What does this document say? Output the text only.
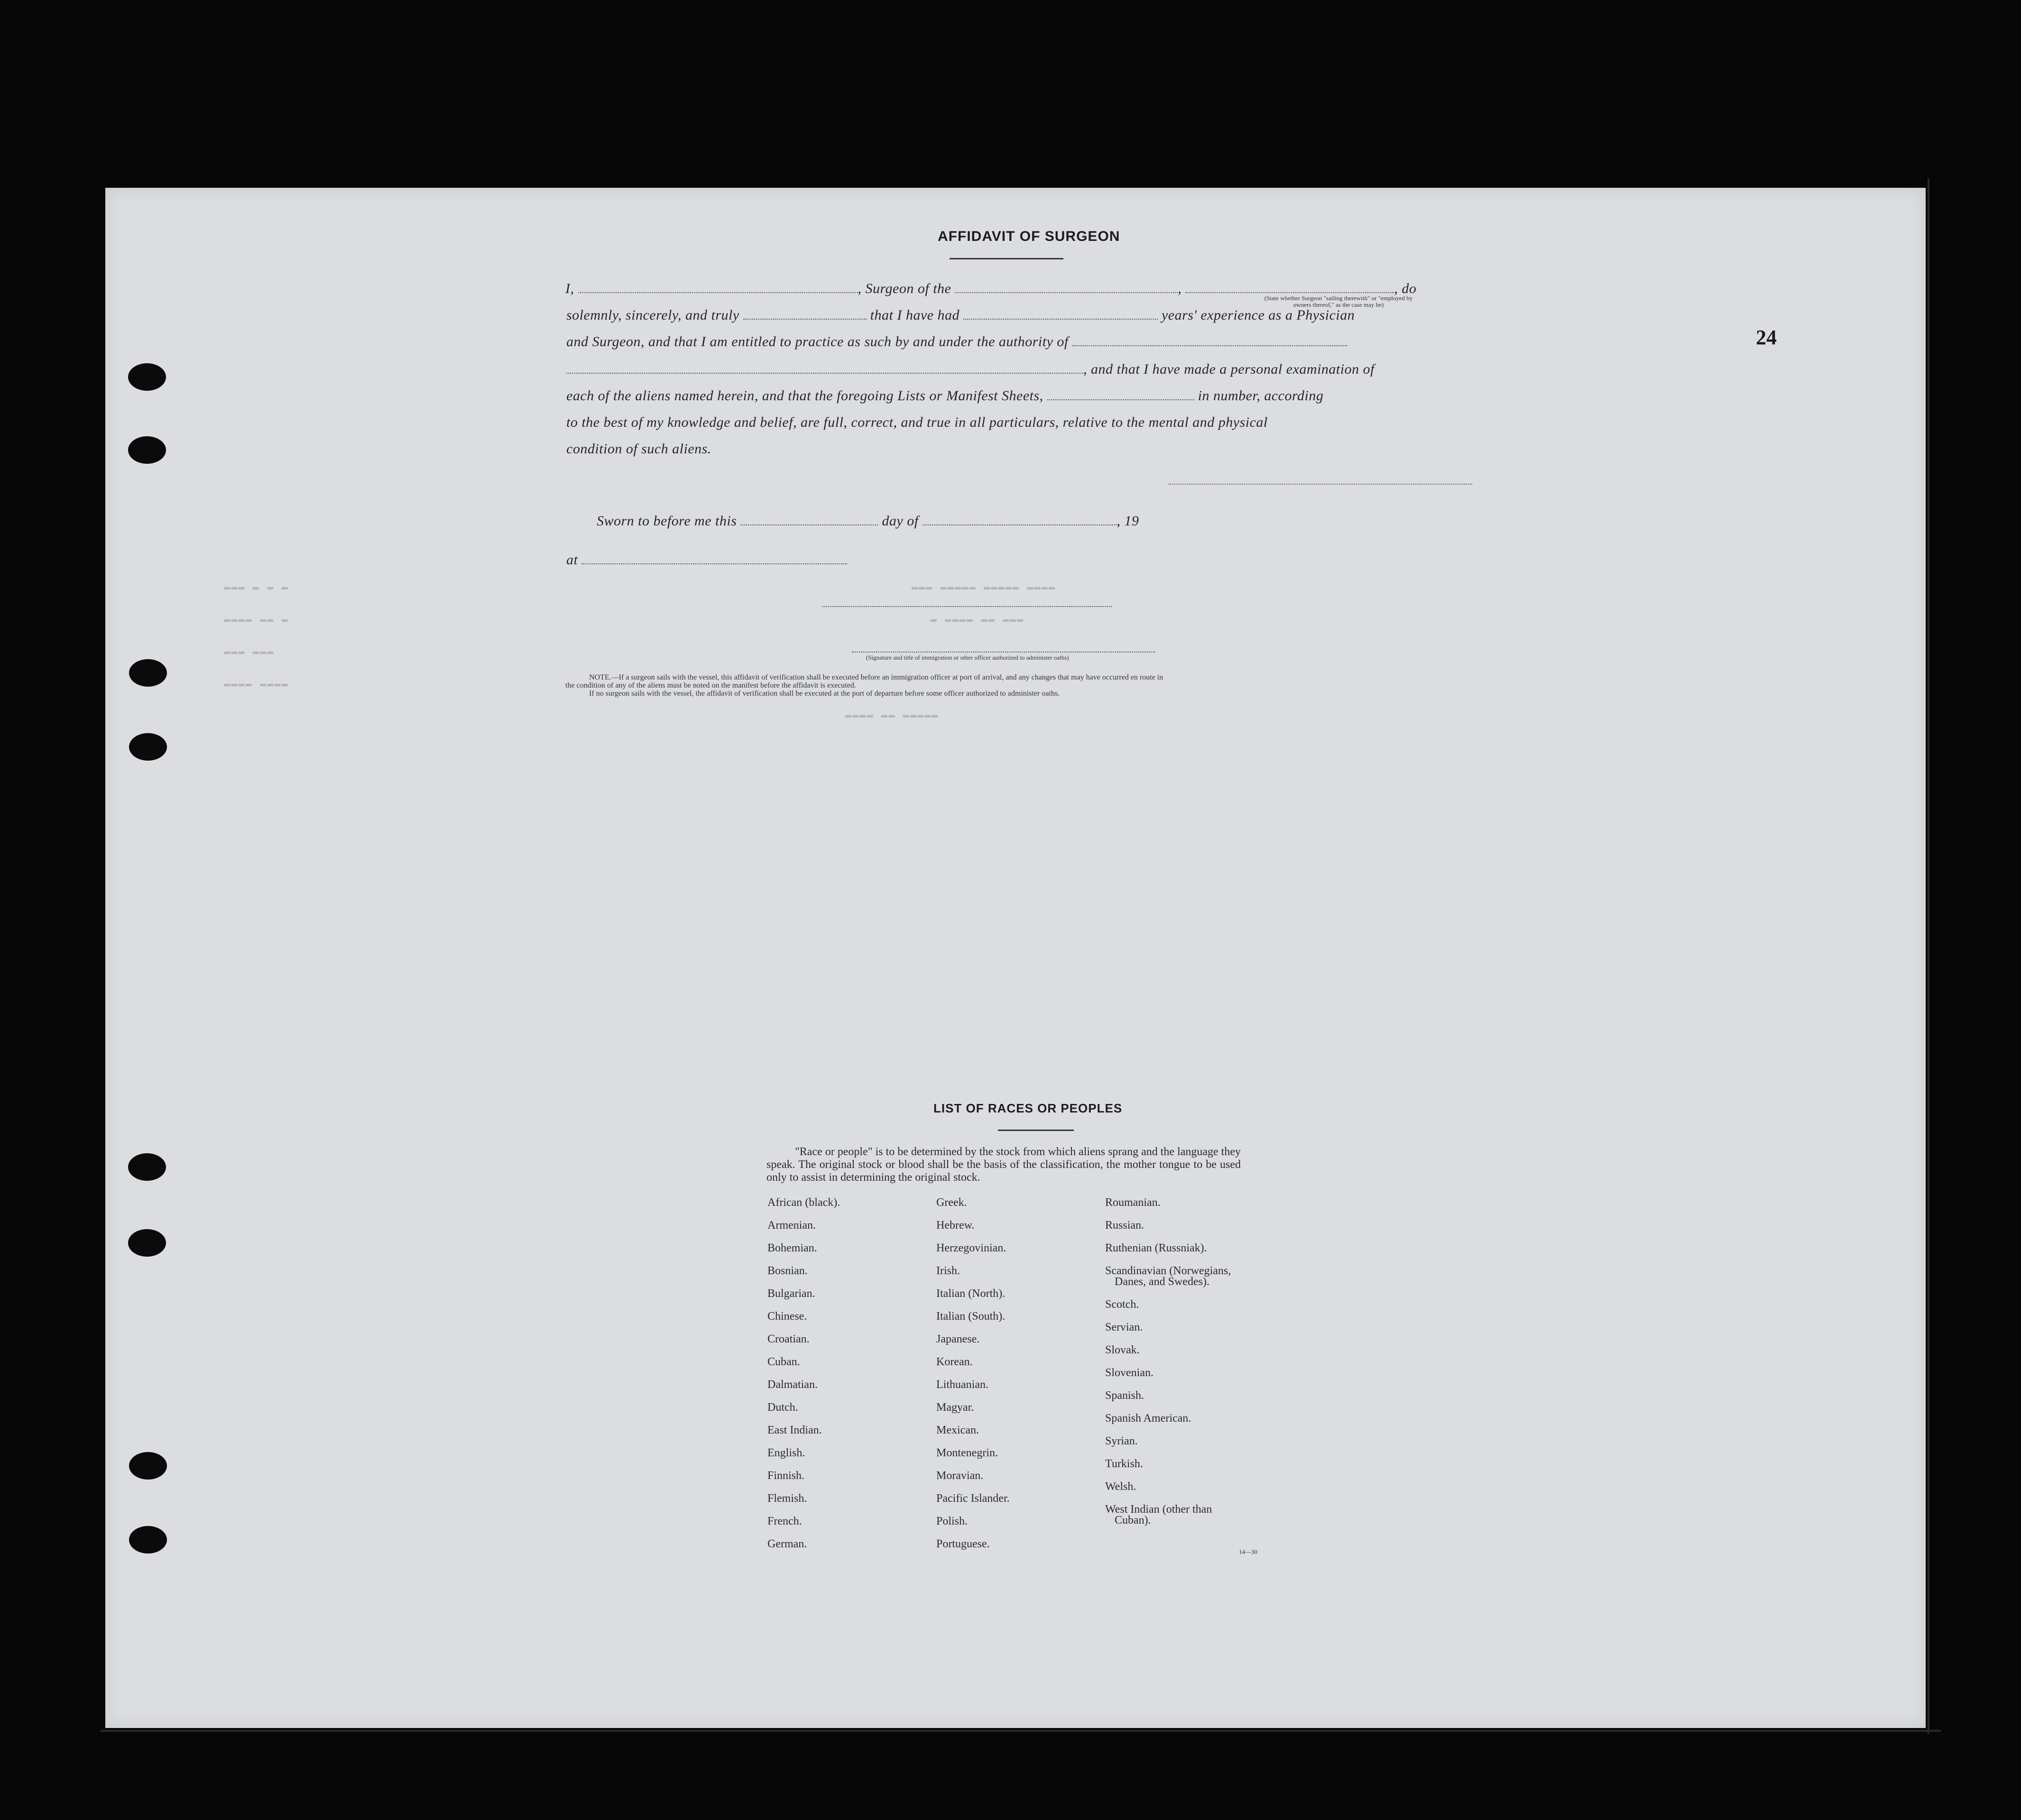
▬▬▬ ▬ ▬ ▬
▬▬▬▬ ▬▬ ▬
▬▬▬ ▬▬▬
▬▬▬▬ ▬▬▬▬
▬▬▬ ▬▬▬▬▬ ▬▬▬▬▬ ▬▬▬▬
▬ ▬▬▬▬ ▬▬ ▬▬▬
▬▬▬▬ ▬▬ ▬▬▬▬▬
24
AFFIDAVIT OF SURGEON
I,	, Surgeon of the	,	, do
(State whether Surgeon "sailing therewith" or "employed by
owners thereof," as the case may be)
solemnly, sincerely, and truly	that I have had	years' experience as a Physician
and Surgeon, and that I am entitled to practice as such by and under the authority of
, and that I have made a personal examination of
each of the aliens named herein, and that the foregoing Lists or Manifest Sheets,	in number, according
to the best of my knowledge and belief, are full, correct, and true in all particulars, relative to the mental and physical
condition of such aliens.
Sworn to before me this	day of	, 19
at
(Signature and title of immigration or other officer authorized to administer oaths)
NOTE.—If a surgeon sails with the vessel, this affidavit of verification shall be executed before an immigration officer at port of arrival, and any changes that may have occurred en route in
the condition of any of the aliens must be noted on the manifest before the affidavit is executed.
If no surgeon sails with the vessel, the affidavit of verification shall be executed at the port of departure before some officer authorized to administer oaths.
LIST OF RACES OR PEOPLES
"Race or people" is to be determined by the stock from which aliens sprang and the language they speak. The original stock or blood shall be the basis of the classification, the mother tongue to be used only to assist in determining the original stock.
African (black).
Armenian.
Bohemian.
Bosnian.
Bulgarian.
Chinese.
Croatian.
Cuban.
Dalmatian.
Dutch.
East Indian.
English.
Finnish.
Flemish.
French.
German.
Greek.
Hebrew.
Herzegovinian.
Irish.
Italian (North).
Italian (South).
Japanese.
Korean.
Lithuanian.
Magyar.
Mexican.
Montenegrin.
Moravian.
Pacific Islander.
Polish.
Portuguese.
Roumanian.
Russian.
Ruthenian (Russniak).
Scandinavian (Norwegians,
Danes, and Swedes).
Scotch.
Servian.
Slovak.
Slovenian.
Spanish.
Spanish American.
Syrian.
Turkish.
Welsh.
West Indian (other than
Cuban).
14—30
